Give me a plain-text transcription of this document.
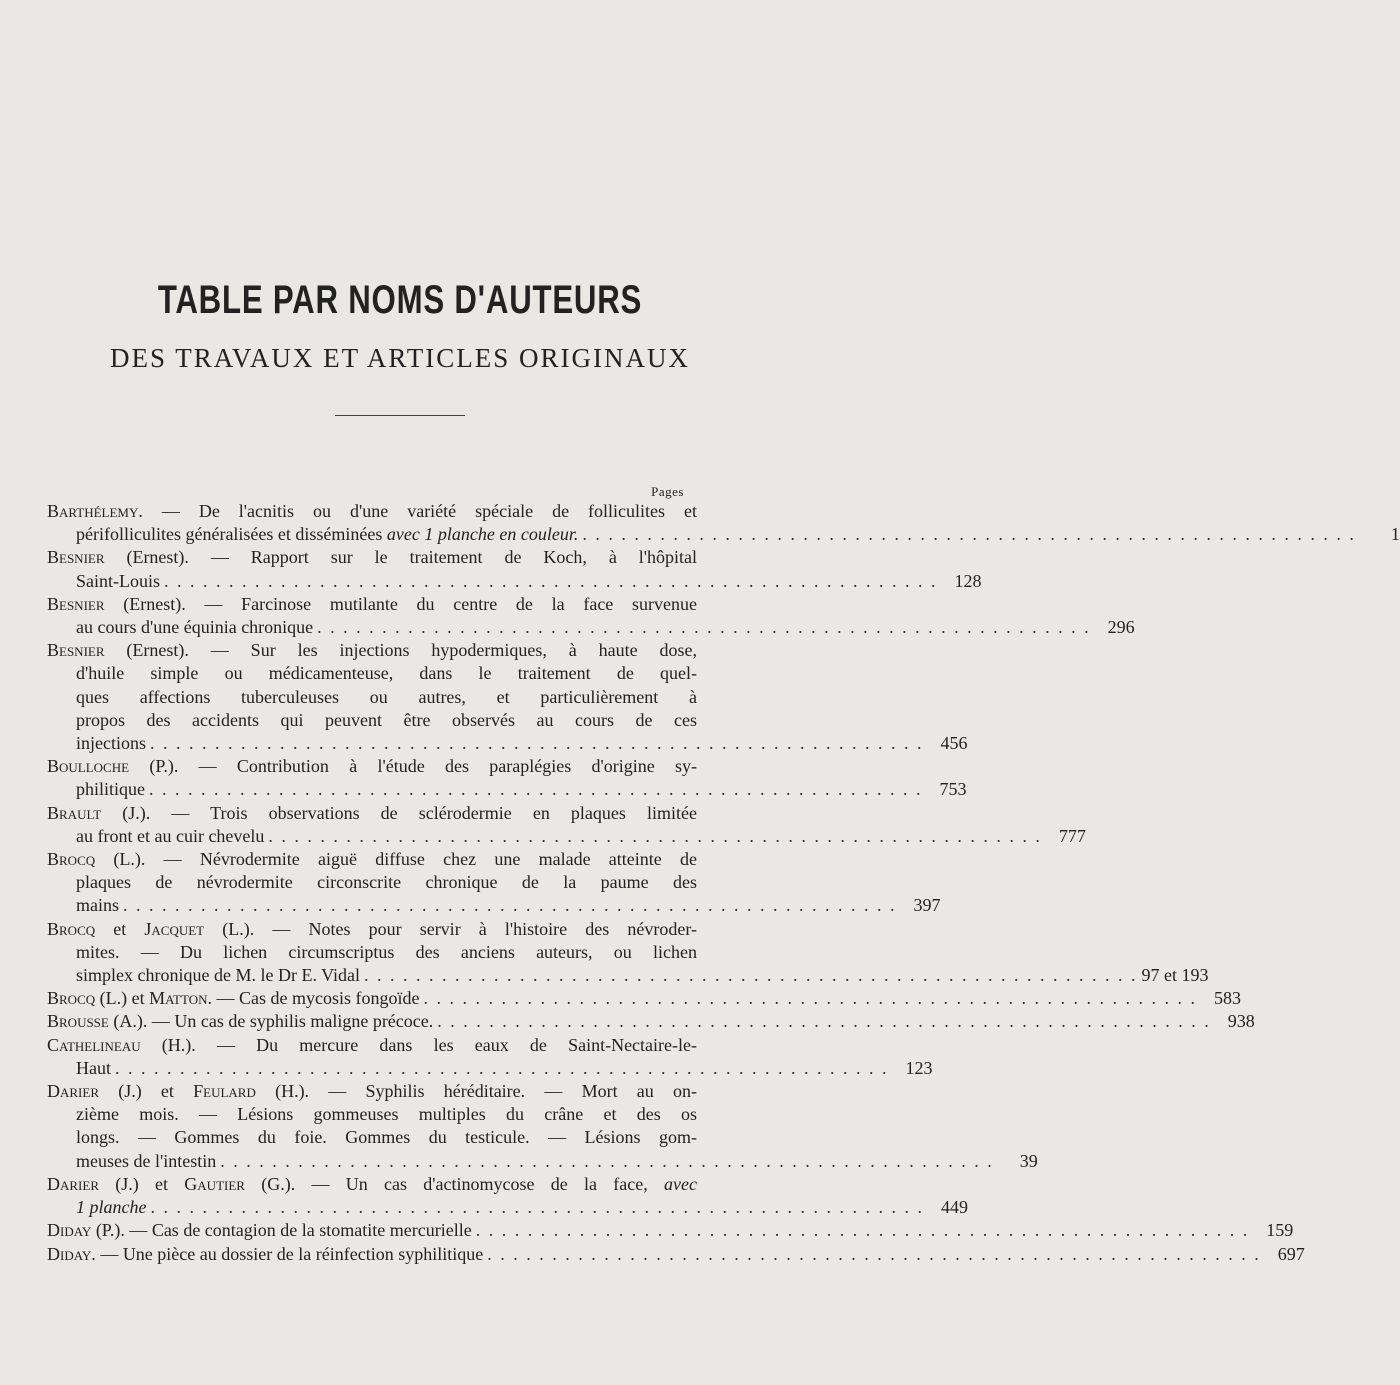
TABLE PAR NOMS D'AUTEURS
DES TRAVAUX ET ARTICLES ORIGINAUX
Pages
Barthélemy. — De l'acnitis ou d'une variété spéciale de folliculites et
périfolliculites généralisées et disséminées avec 1 planche en couleur. . . . . . . . . . . . . . . . . . . . . . . . . . . . . . . . . . . . . . . . . . . . . . . . . . . . . . . . . . . . .	1
Besnier (Ernest). — Rapport sur le traitement de Koch, à l'hôpital
Saint-Louis . . . . . . . . . . . . . . . . . . . . . . . . . . . . . . . . . . . . . . . . . . . . . . . . . . . . . . . . . . . . 128
Besnier (Ernest). — Farcinose mutilante du centre de la face survenue
au cours d'une équinia chronique . . . . . . . . . . . . . . . . . . . . . . . . . . . . . . . . . . . . . . . . . . . . . . . . . . . . . . . . . . . . 296
Besnier (Ernest). — Sur les injections hypodermiques, à haute dose,
d'huile simple ou médicamenteuse, dans le traitement de quel-
ques affections tuberculeuses ou autres, et particulièrement à
propos des accidents qui peuvent être observés au cours de ces
injections . . . . . . . . . . . . . . . . . . . . . . . . . . . . . . . . . . . . . . . . . . . . . . . . . . . . . . . . . . . . 456
Boulloche (P.). — Contribution à l'étude des paraplégies d'origine sy-
philitique . . . . . . . . . . . . . . . . . . . . . . . . . . . . . . . . . . . . . . . . . . . . . . . . . . . . . . . . . . . . 753
Brault (J.). — Trois observations de sclérodermie en plaques limitée
au front et au cuir chevelu . . . . . . . . . . . . . . . . . . . . . . . . . . . . . . . . . . . . . . . . . . . . . . . . . . . . . . . . . . . . 777
Brocq (L.). — Névrodermite aiguë diffuse chez une malade atteinte de
plaques de névrodermite circonscrite chronique de la paume des
mains . . . . . . . . . . . . . . . . . . . . . . . . . . . . . . . . . . . . . . . . . . . . . . . . . . . . . . . . . . . . 397
Brocq et Jacquet (L.). — Notes pour servir à l'histoire des névroder-
mites. — Du lichen circumscriptus des anciens auteurs, ou lichen
simplex chronique de M. le Dr E. Vidal . . . . . . . . . . . . . . . . . . . . . . . . . . . . . . . . . . . . . . . . . . . . . . . . . . . . . . . . . . . . 97 et 193
Brocq (L.) et Matton. — Cas de mycosis fongoïde . . . . . . . . . . . . . . . . . . . . . . . . . . . . . . . . . . . . . . . . . . . . . . . . . . . . . . . . . . . . 583
Brousse (A.). — Un cas de syphilis maligne précoce. . . . . . . . . . . . . . . . . . . . . . . . . . . . . . . . . . . . . . . . . . . . . . . . . . . . . . . . . . . . . 938
Cathelineau (H.). — Du mercure dans les eaux de Saint-Nectaire-le-
Haut . . . . . . . . . . . . . . . . . . . . . . . . . . . . . . . . . . . . . . . . . . . . . . . . . . . . . . . . . . . . 123
Darier (J.) et Feulard (H.). — Syphilis héréditaire. — Mort au on-
zième mois. — Lésions gommeuses multiples du crâne et des os
longs. — Gommes du foie. Gommes du testicule. — Lésions gom-
meuses de l'intestin . . . . . . . . . . . . . . . . . . . . . . . . . . . . . . . . . . . . . . . . . . . . . . . . . . . . . . . . . . . .	39
Darier (J.) et Gautier (G.). — Un cas d'actinomycose de la face, avec
1 planche . . . . . . . . . . . . . . . . . . . . . . . . . . . . . . . . . . . . . . . . . . . . . . . . . . . . . . . . . . . . 449
Diday (P.). — Cas de contagion de la stomatite mercurielle . . . . . . . . . . . . . . . . . . . . . . . . . . . . . . . . . . . . . . . . . . . . . . . . . . . . . . . . . . . . 159
Diday. — Une pièce au dossier de la réinfection syphilitique . . . . . . . . . . . . . . . . . . . . . . . . . . . . . . . . . . . . . . . . . . . . . . . . . . . . . . . . . . . . 697
